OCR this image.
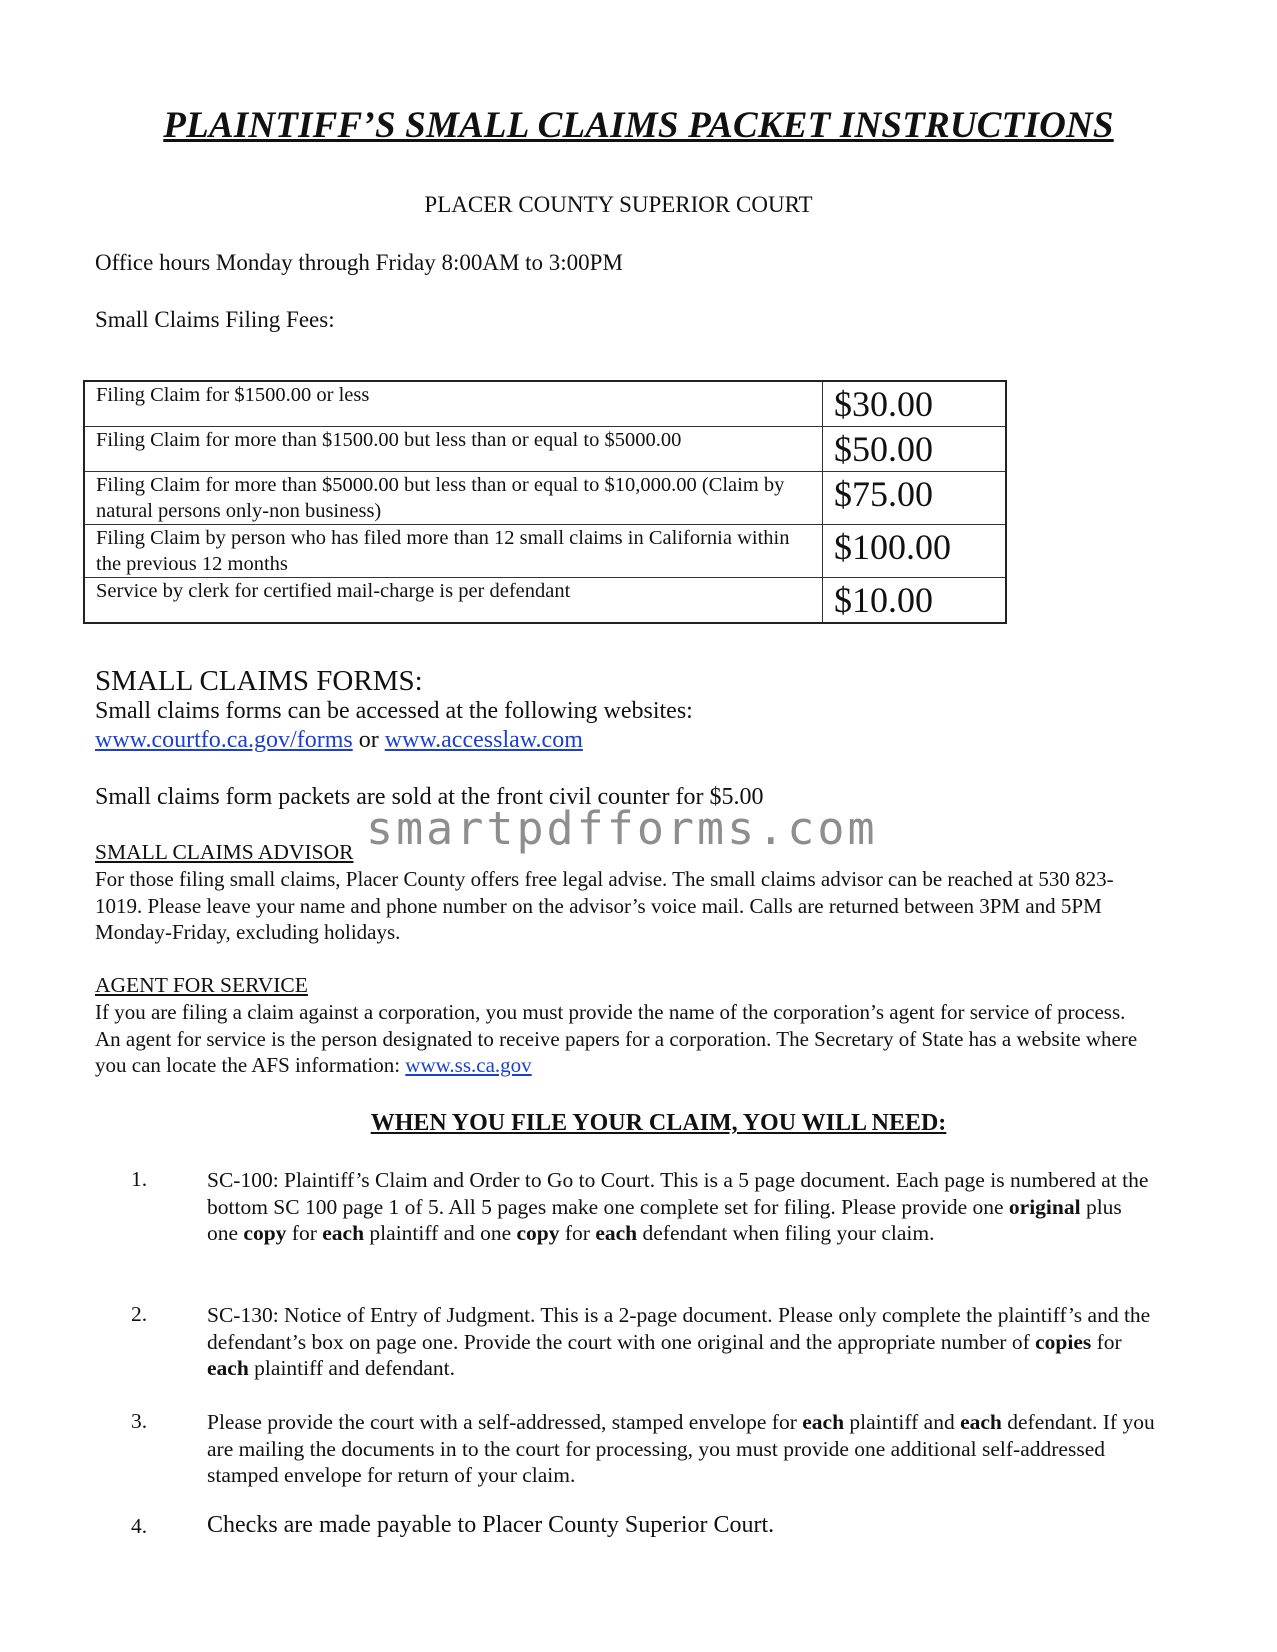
PLAINTIFF’S SMALL CLAIMS PACKET INSTRUCTIONS
PLACER COUNTY SUPERIOR COURT
Office hours Monday through Friday 8:00AM to 3:00PM
Small Claims Filing Fees:
Filing Claim for $1500.00 or less	$30.00
Filing Claim for more than $1500.00 but less than or equal to $5000.00	$50.00
Filing Claim for more than $5000.00 but less than or equal to $10,000.00 (Claim by natural persons only-non business)	$75.00
Filing Claim by person who has filed more than 12 small claims in California within the previous 12 months	$100.00
Service by clerk for certified mail-charge is per defendant	$10.00
SMALL CLAIMS FORMS:
Small claims forms can be accessed at the following websites:
www.courtfo.ca.gov/forms or www.accesslaw.com
Small claims form packets are sold at the front civil counter for $5.00
smartpdfforms.com
SMALL CLAIMS ADVISOR
For those filing small claims, Placer County offers free legal advise. The small claims advisor can be reached at 530 823-1019. Please leave your name and phone number on the advisor’s voice mail. Calls are returned between 3PM and 5PM Monday-Friday, excluding holidays.
AGENT FOR SERVICE
If you are filing a claim against a corporation, you must provide the name of the corporation’s agent for service of process. An agent for service is the person designated to receive papers for a corporation. The Secretary of State has a website where you can locate the AFS information: www.ss.ca.gov
WHEN YOU FILE YOUR CLAIM, YOU WILL NEED:
1.	SC-100: Plaintiff’s Claim and Order to Go to Court. This is a 5 page document. Each page is numbered at the bottom SC 100 page 1 of 5. All 5 pages make one complete set for filing. Please provide one original plus one copy for each plaintiff and one copy for each defendant when filing your claim.
2.	SC-130: Notice of Entry of Judgment. This is a 2-page document. Please only complete the plaintiff’s and the defendant’s box on page one. Provide the court with one original and the appropriate number of copies for each plaintiff and defendant.
3.	Please provide the court with a self-addressed, stamped envelope for each plaintiff and each defendant. If you are mailing the documents in to the court for processing, you must provide one additional self-addressed stamped envelope for return of your claim.
4. Checks are made payable to Placer County Superior Court.
